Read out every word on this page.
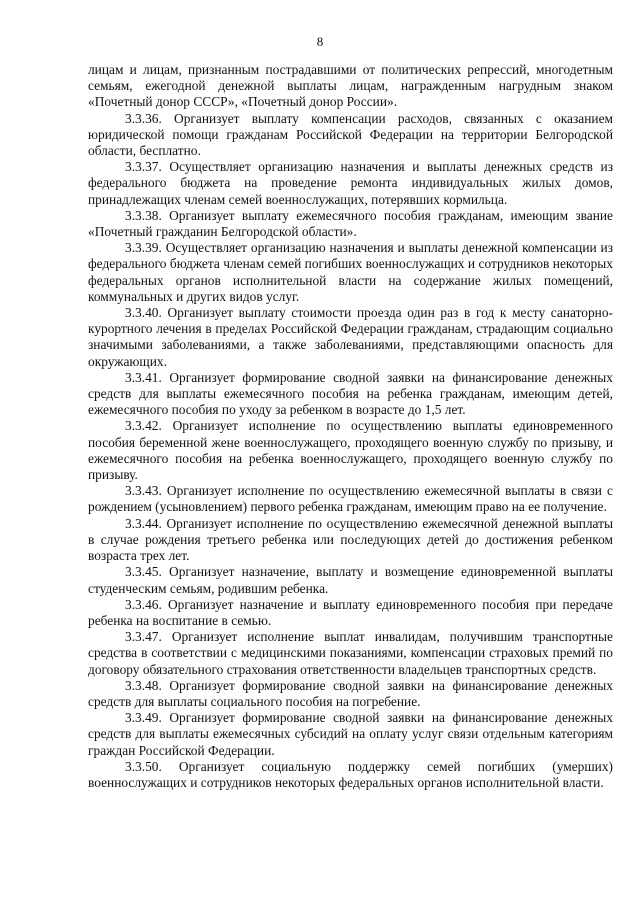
8

лицам и лицам, признанным пострадавшими от политических репрессий, многодетным семьям, ежегодной денежной выплаты лицам, награжденным нагрудным знаком «Почетный донор СССР», «Почетный донор России».

3.3.36. Организует выплату компенсации расходов, связанных с оказанием юридической помощи гражданам Российской Федерации на территории Белгородской области, бесплатно.

3.3.37. Осуществляет организацию назначения и выплаты денежных средств из федерального бюджета на проведение ремонта индивидуальных жилых домов, принадлежащих членам семей военнослужащих, потерявших кормильца.

3.3.38. Организует выплату ежемесячного пособия гражданам, имеющим звание «Почетный гражданин Белгородской области».

3.3.39. Осуществляет организацию назначения и выплаты денежной компенсации из федерального бюджета членам семей погибших военнослужащих и сотрудников некоторых федеральных органов исполнительной власти на содержание жилых помещений, коммунальных и других видов услуг.

3.3.40. Организует выплату стоимости проезда один раз в год к месту санаторно-курортного лечения в пределах Российской Федерации гражданам, страдающим социально значимыми заболеваниями, а также заболеваниями, представляющими опасность для окружающих.

3.3.41. Организует формирование сводной заявки на финансирование денежных средств для выплаты ежемесячного пособия на ребенка гражданам, имеющим детей, ежемесячного пособия по уходу за ребенком в возрасте до 1,5 лет.

3.3.42. Организует исполнение по осуществлению выплаты единовременного пособия беременной жене военнослужащего, проходящего военную службу по призыву, и ежемесячного пособия на ребенка военнослужащего, проходящего военную службу по призыву.

3.3.43. Организует исполнение по осуществлению ежемесячной выплаты в связи с рождением (усыновлением) первого ребенка гражданам, имеющим право на ее получение.

3.3.44. Организует исполнение по осуществлению ежемесячной денежной выплаты в случае рождения третьего ребенка или последующих детей до достижения ребенком возраста трех лет.

3.3.45. Организует назначение, выплату и возмещение единовременной выплаты студенческим семьям, родившим ребенка.

3.3.46. Организует назначение и выплату единовременного пособия при передаче ребенка на воспитание в семью.

3.3.47. Организует исполнение выплат инвалидам, получившим транспортные средства в соответствии с медицинскими показаниями, компенсации страховых премий по договору обязательного страхования ответственности владельцев транспортных средств.

3.3.48. Организует формирование сводной заявки на финансирование денежных средств для выплаты социального пособия на погребение.

3.3.49. Организует формирование сводной заявки на финансирование денежных средств для выплаты ежемесячных субсидий на оплату услуг связи отдельным категориям граждан Российской Федерации.

3.3.50. Организует социальную поддержку семей погибших (умерших) военнослужащих и сотрудников некоторых федеральных органов исполнительной власти.
